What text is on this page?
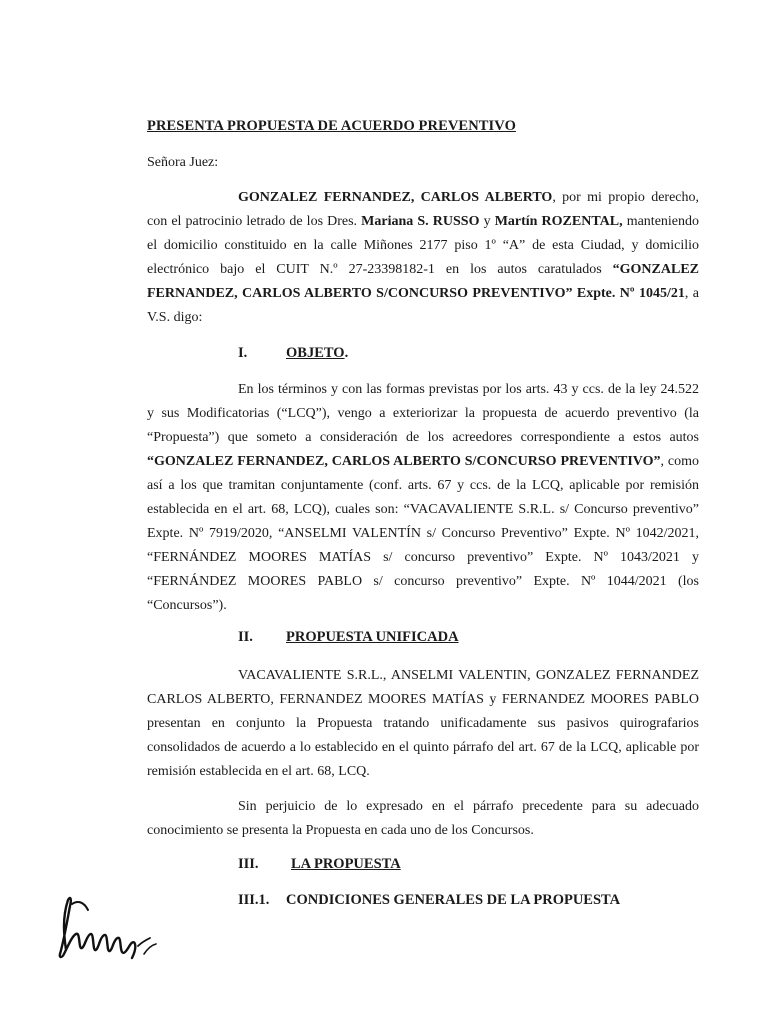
PRESENTA PROPUESTA DE ACUERDO PREVENTIVO
Señora Juez:
GONZALEZ FERNANDEZ, CARLOS ALBERTO, por mi propio derecho, con el patrocinio letrado de los Dres. Mariana S. RUSSO y Martín ROZENTAL, manteniendo el domicilio constituido en la calle Miñones 2177 piso 1º “A” de esta Ciudad, y domicilio electrónico bajo el CUIT N.º 27-23398182-1 en los autos caratulados “GONZALEZ FERNANDEZ, CARLOS ALBERTO S/CONCURSO PREVENTIVO” Expte. Nº 1045/21, a V.S. digo:
I.	OBJETO.
En los términos y con las formas previstas por los arts. 43 y ccs. de la ley 24.522 y sus Modificatorias (“LCQ”), vengo a exteriorizar la propuesta de acuerdo preventivo (la “Propuesta”) que someto a consideración de los acreedores correspondiente a estos autos “GONZALEZ FERNANDEZ, CARLOS ALBERTO S/CONCURSO PREVENTIVO”, como así a los que tramitan conjuntamente (conf. arts. 67 y ccs. de la LCQ, aplicable por remisión establecida en el art. 68, LCQ), cuales son: “VACAVALIENTE S.R.L. s/ Concurso preventivo” Expte. Nº 7919/2020, “ANSELMI VALENTÍN s/ Concurso Preventivo” Expte. Nº 1042/2021, “FERNÁNDEZ MOORES MATÍAS s/ concurso preventivo” Expte. Nº 1043/2021 y “FERNÁNDEZ MOORES PABLO s/ concurso preventivo” Expte. Nº 1044/2021 (los “Concursos”).
II. PROPUESTA UNIFICADA
VACAVALIENTE S.R.L., ANSELMI VALENTIN, GONZALEZ FERNANDEZ CARLOS ALBERTO, FERNANDEZ MOORES MATÍAS y FERNANDEZ MOORES PABLO presentan en conjunto la Propuesta tratando unificadamente sus pasivos quirografarios consolidados de acuerdo a lo establecido en el quinto párrafo del art. 67 de la LCQ, aplicable por remisión establecida en el art. 68, LCQ.
Sin perjuicio de lo expresado en el párrafo precedente para su adecuado conocimiento se presenta la Propuesta en cada uno de los Concursos.
III. LA PROPUESTA
III.1. CONDICIONES GENERALES DE LA PROPUESTA
